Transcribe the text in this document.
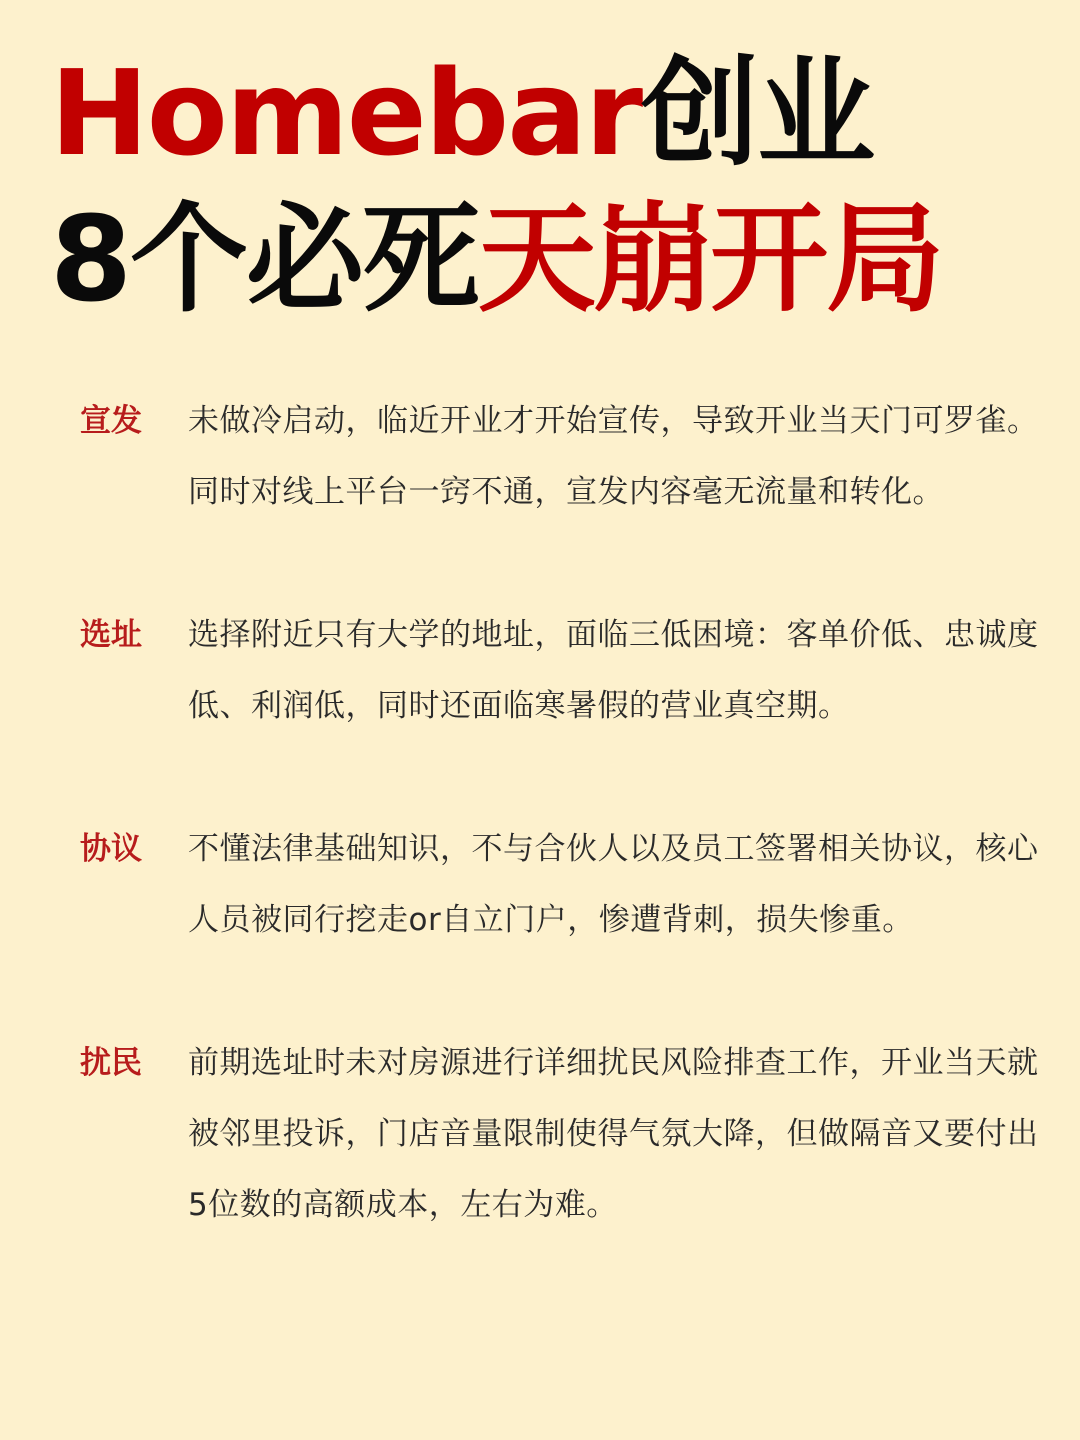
Homebar创业
8个必死天崩开局
宣发	未做冷启动，临近开业才开始宣传，导致开业当天门可罗雀。同时对线上平台一窍不通，宣发内容毫无流量和转化。
选址	选择附近只有大学的地址，面临三低困境：客单价低、忠诚度低、利润低，同时还面临寒暑假的营业真空期。
协议	不懂法律基础知识，不与合伙人以及员工签署相关协议，核心人员被同行挖走or自立门户，惨遭背刺，损失惨重。
扰民	前期选址时未对房源进行详细扰民风险排查工作，开业当天就被邻里投诉，门店音量限制使得气氛大降，但做隔音又要付出5位数的高额成本，左右为难。
